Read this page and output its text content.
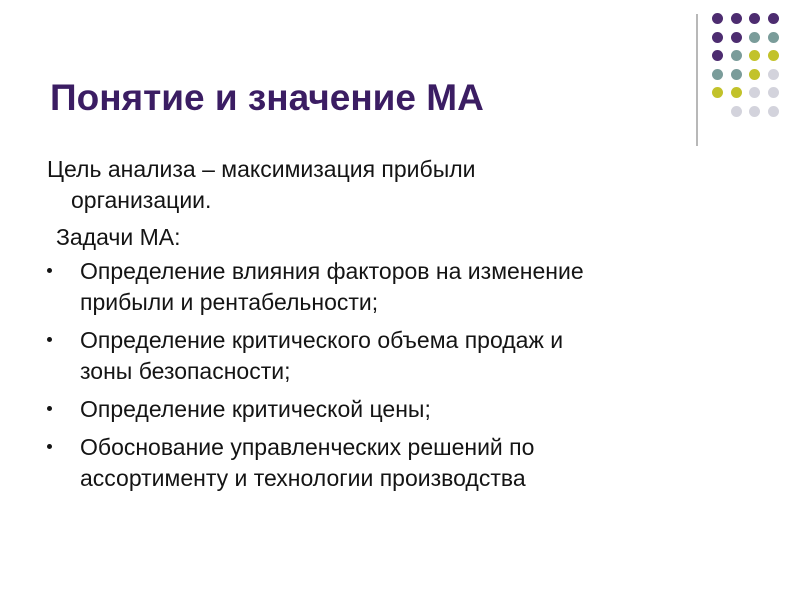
Понятие и значение МА

Цель анализа – максимизация прибыли
организации.

Задачи МА:

Определение влияния факторов на изменение
прибыли и рентабельности;
Определение критического объема продаж и
зоны безопасности;
Определение критической цены;
Обоснование управленческих решений по
ассортименту и технологии производства
